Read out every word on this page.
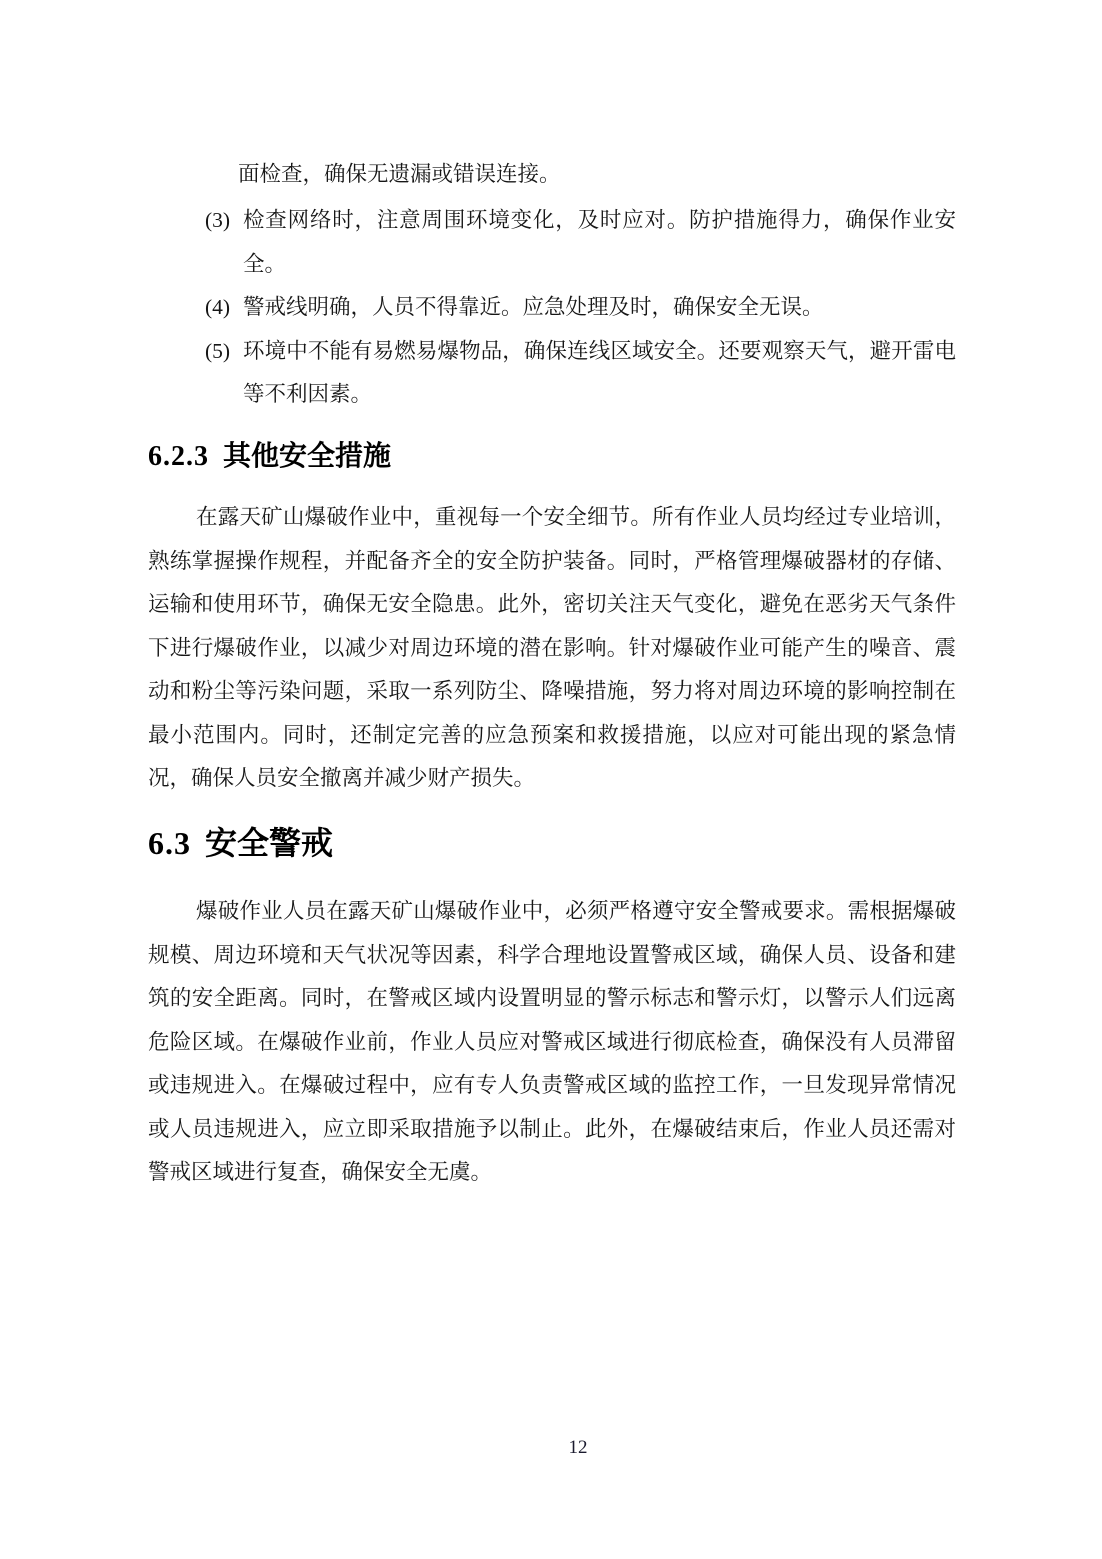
面检查，确保无遗漏或错误连接。
(3) 检查网络时，注意周围环境变化，及时应对。防护措施得力，确保作业安全。
(4) 警戒线明确，人员不得靠近。应急处理及时，确保安全无误。
(5) 环境中不能有易燃易爆物品，确保连线区域安全。还要观察天气，避开雷电等不利因素。
6.2.3 其他安全措施
在露天矿山爆破作业中，重视每一个安全细节。所有作业人员均经过专业培训，熟练掌握操作规程，并配备齐全的安全防护装备。同时，严格管理爆破器材的存储、运输和使用环节，确保无安全隐患。此外，密切关注天气变化，避免在恶劣天气条件下进行爆破作业，以减少对周边环境的潜在影响。针对爆破作业可能产生的噪音、震动和粉尘等污染问题，采取一系列防尘、降噪措施，努力将对周边环境的影响控制在最小范围内。同时，还制定完善的应急预案和救援措施，以应对可能出现的紧急情况，确保人员安全撤离并减少财产损失。
6.3 安全警戒
爆破作业人员在露天矿山爆破作业中，必须严格遵守安全警戒要求。需根据爆破规模、周边环境和天气状况等因素，科学合理地设置警戒区域，确保人员、设备和建筑的安全距离。同时，在警戒区域内设置明显的警示标志和警示灯，以警示人们远离危险区域。在爆破作业前，作业人员应对警戒区域进行彻底检查，确保没有人员滞留或违规进入。在爆破过程中，应有专人负责警戒区域的监控工作，一旦发现异常情况或人员违规进入，应立即采取措施予以制止。此外，在爆破结束后，作业人员还需对警戒区域进行复查，确保安全无虞。
12
